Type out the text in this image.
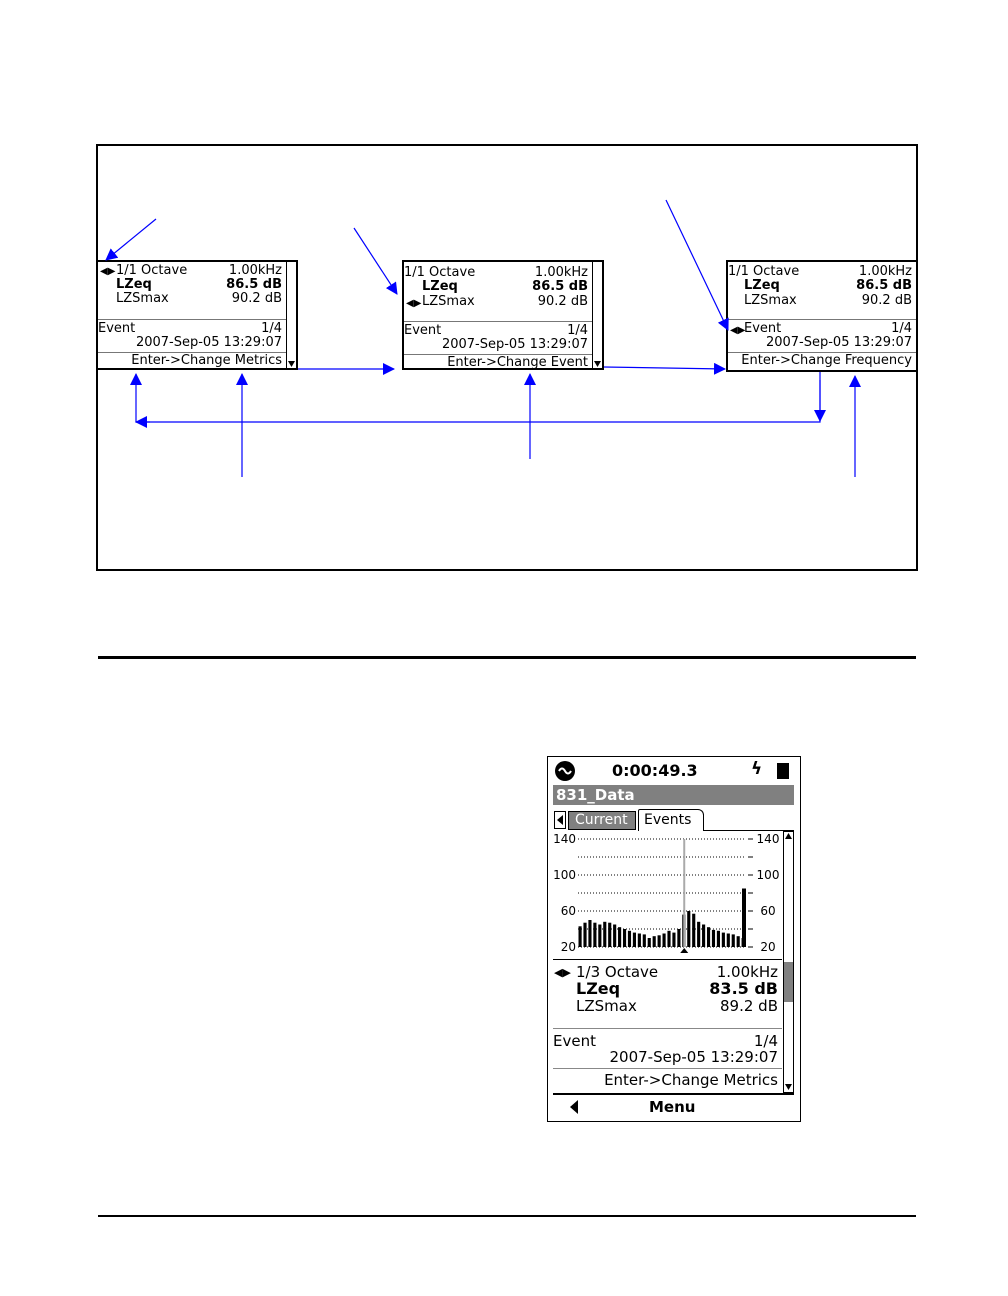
◀▶ 1/1 Octave	1.00kHz
LZeq	86.5 dB
LZSmax	90.2 dB
Event	1/4
2007-Sep-05 13:29:07
Enter->Change Metrics
1/1 Octave	1.00kHz
LZeq	86.5 dB
◀▶ LZSmax	90.2 dB
Event	1/4
2007-Sep-05 13:29:07
Enter->Change Event
1/1 Octave	1.00kHz
LZeq	86.5 dB
LZSmax	90.2 dB
◀▶
Event	1/4
2007-Sep-05 13:29:07
Enter->Change Frequency
0:00:49.3	ϟ
831_Data
Current Events
20	20
60	60
100	100
140	140
◀▶ 1/3 Octave	1.00kHz
LZeq	83.5 dB
LZSmax	89.2 dB
Event	1/4
2007-Sep-05 13:29:07
Enter->Change Metrics
Menu
